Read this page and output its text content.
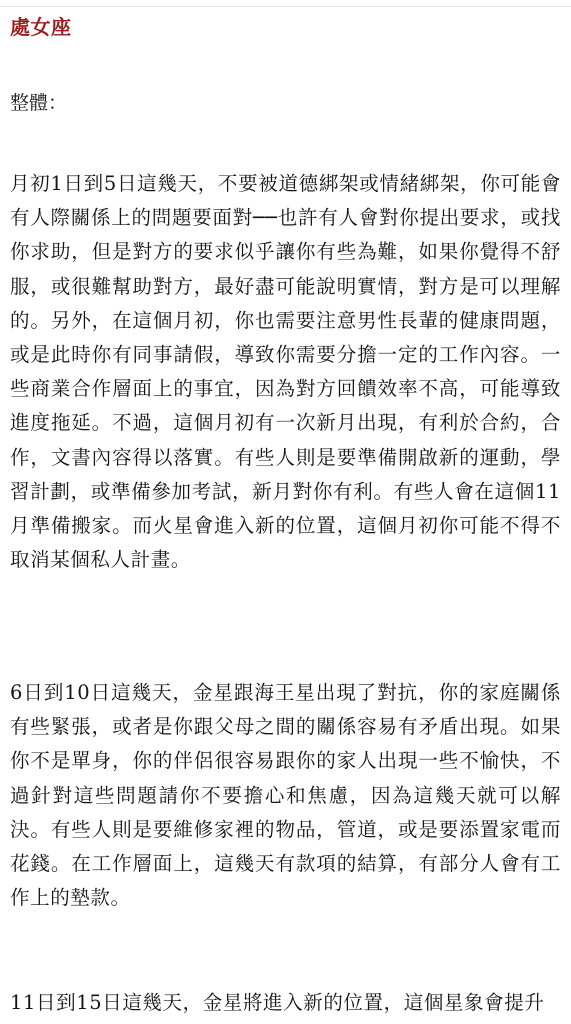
處女座
整體：

月初1日到5日這幾天，不要被道德綁架或情緒綁架，你可能會有人際關係上的問題要面對──也許有人會對你提出要求，或找你求助，但是對方的要求似乎讓你有些為難，如果你覺得不舒服，或很難幫助對方，最好盡可能說明實情，對方是可以理解的。另外，在這個月初，你也需要注意男性長輩的健康問題，或是此時你有同事請假，導致你需要分擔一定的工作內容。一些商業合作層面上的事宜，因為對方回饋效率不高，可能導致進度拖延。不過，這個月初有一次新月出現，有利於合約，合作，文書內容得以落實。有些人則是要準備開啟新的運動，學習計劃，或準備參加考試，新月對你有利。有些人會在這個11月準備搬家。而火星會進入新的位置，這個月初你可能不得不取消某個私人計畫。

6日到10日這幾天，金星跟海王星出現了對抗，你的家庭關係有些緊張，或者是你跟父母之間的關係容易有矛盾出現。如果你不是單身，你的伴侶很容易跟你的家人出現一些不愉快，不過針對這些問題請你不要擔心和焦慮，因為這幾天就可以解決。有些人則是要維修家裡的物品，管道，或是要添置家電而花錢。在工作層面上，這幾天有款項的結算，有部分人會有工作上的墊款。

11日到15日這幾天，金星將進入新的位置，這個星象會提升
